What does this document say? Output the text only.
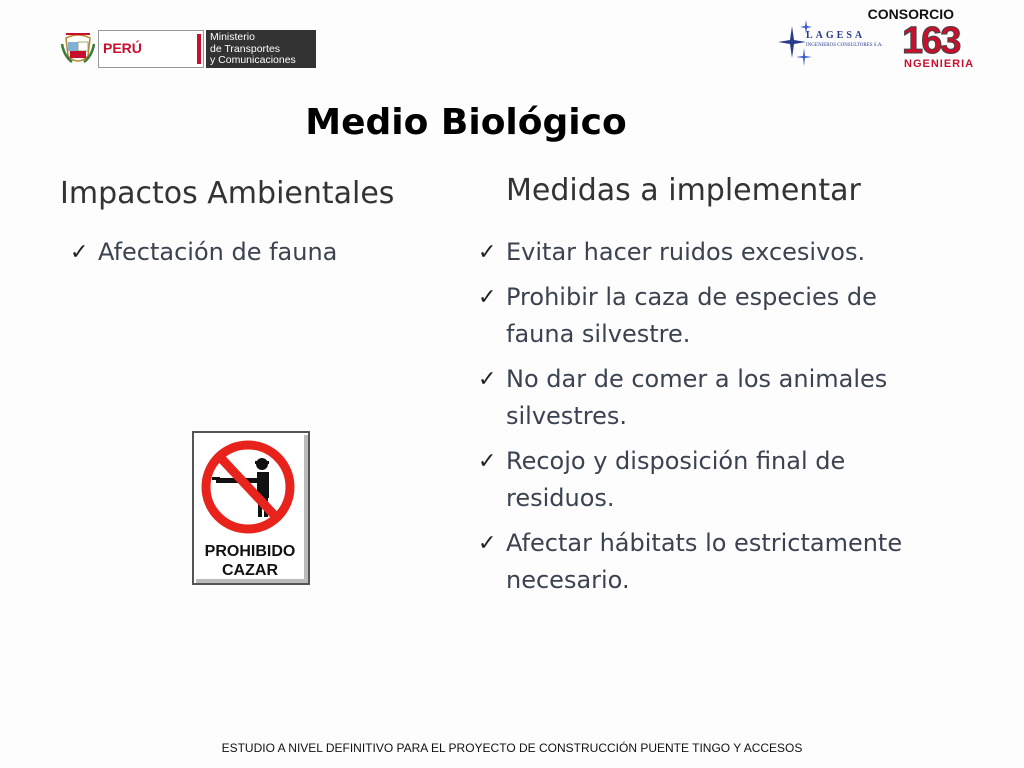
PERÚ
Ministerio
de Transportes
y Comunicaciones
CONSORCIO
LAGESA
INGENIEROS CONSULTORES S.A. 163
NGENIERIA
Medio Biológico
Impactos Ambientales	Medidas a implementar
✓ Afectación de fauna	✓ Evitar hacer ruidos excesivos.
✓ Prohibir la caza de especies de fauna silvestre.
✓ No dar de comer a los animales silvestres.
✓ Recojo y disposición final de residuos.
✓ Afectar hábitats lo estrictamente necesario.
PROHIBIDO
CAZAR
ESTUDIO A NIVEL DEFINITIVO PARA EL PROYECTO DE CONSTRUCCIÓN PUENTE TINGO Y ACCESOS
